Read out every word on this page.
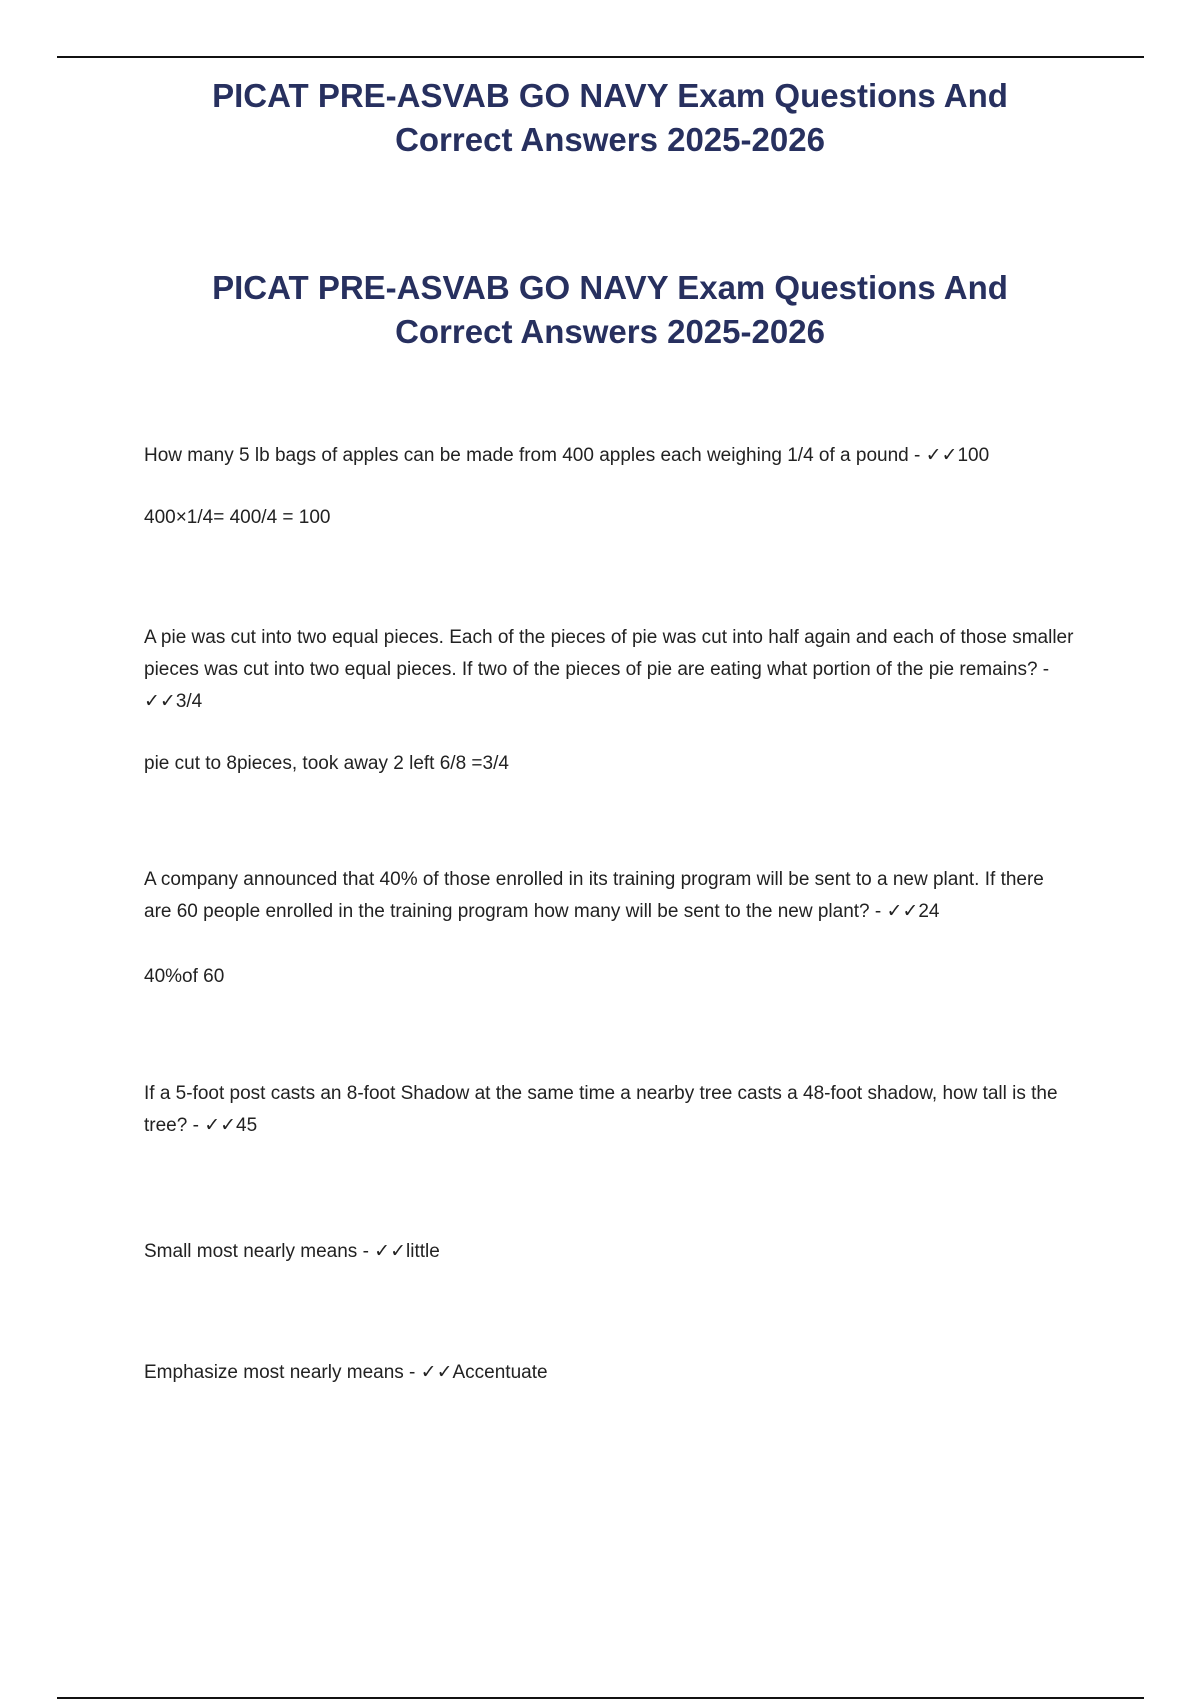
PICAT PRE-ASVAB GO NAVY Exam Questions And Correct Answers 2025-2026
PICAT PRE-ASVAB GO NAVY Exam Questions And Correct Answers 2025-2026

How many 5 lb bags of apples can be made from 400 apples each weighing 1/4 of a pound - ✓✓100

400×1/4= 400/4 = 100

A pie was cut into two equal pieces. Each of the pieces of pie was cut into half again and each of those smaller pieces was cut into two equal pieces. If two of the pieces of pie are eating what portion of the pie remains? - ✓✓3/4

pie cut to 8pieces, took away 2 left 6/8 =3/4

A company announced that 40% of those enrolled in its training program will be sent to a new plant. If there are 60 people enrolled in the training program how many will be sent to the new plant? - ✓✓24

40%of 60

If a 5-foot post casts an 8-foot Shadow at the same time a nearby tree casts a 48-foot shadow, how tall is the tree? - ✓✓45

Small most nearly means - ✓✓little

Emphasize most nearly means - ✓✓Accentuate
